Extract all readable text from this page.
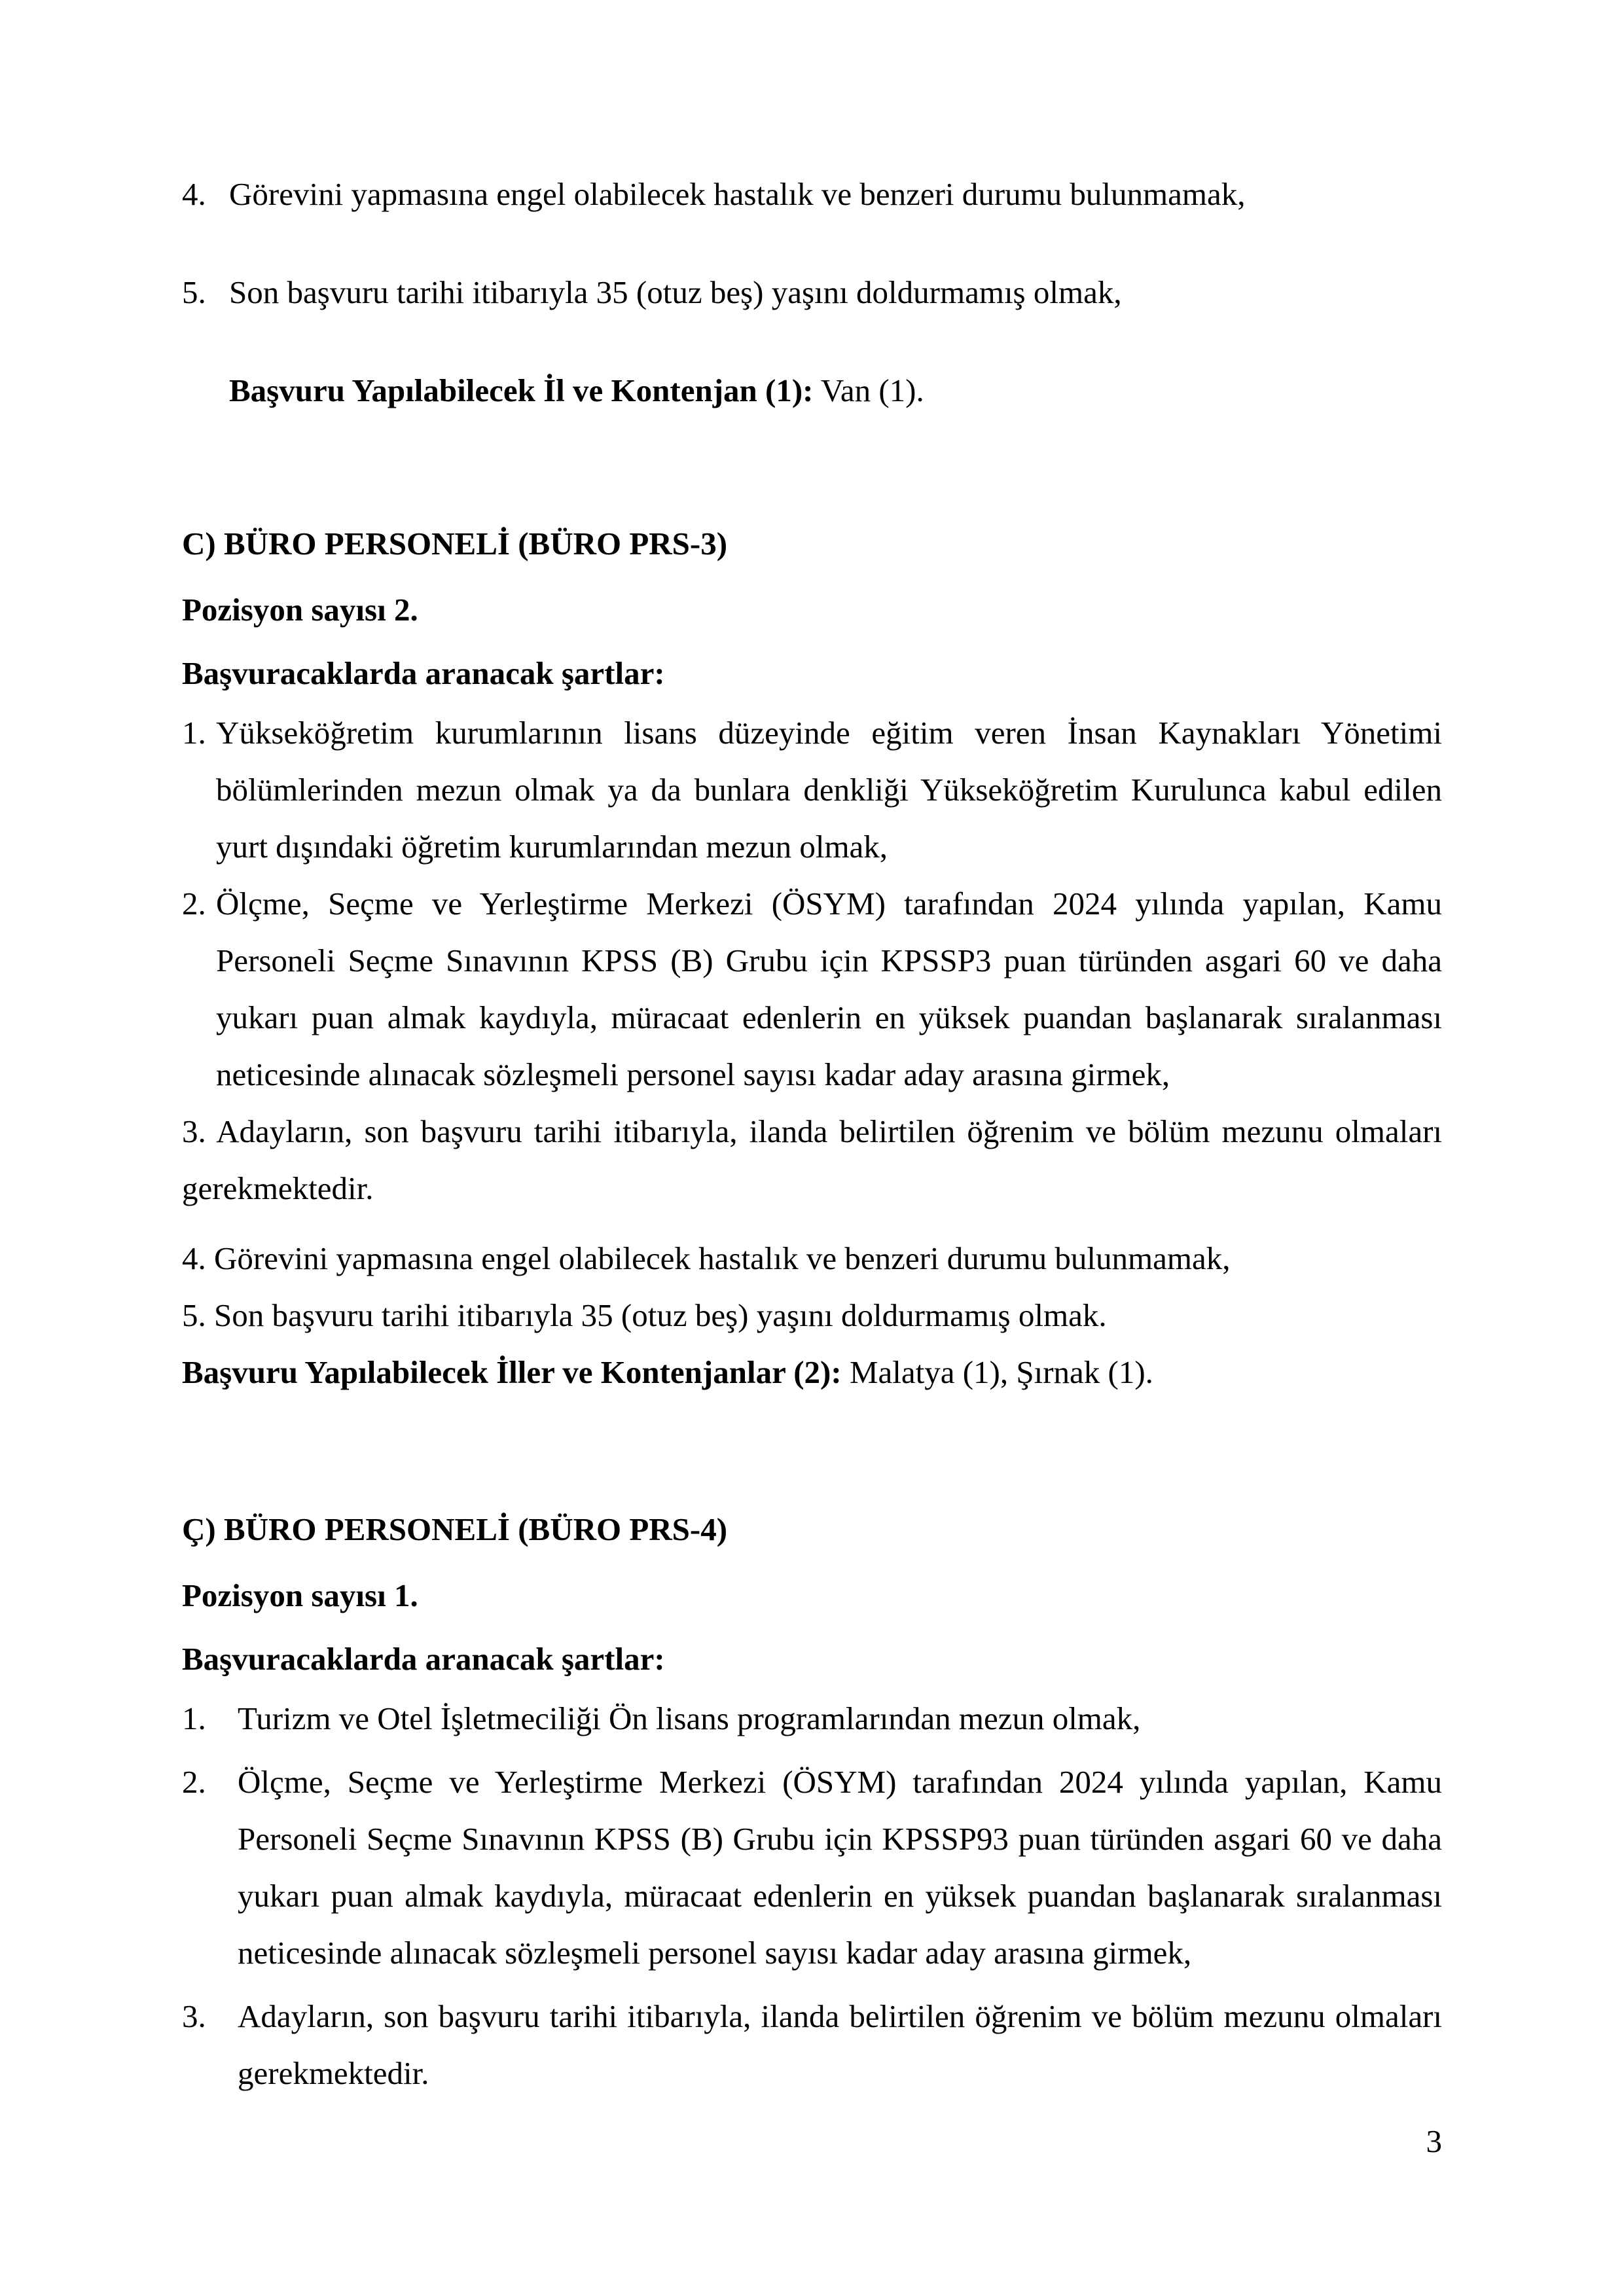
4. Görevini yapmasına engel olabilecek hastalık ve benzeri durumu bulunmamak,

5. Son başvuru tarihi itibarıyla 35 (otuz beş) yaşını doldurmamış olmak,

Başvuru Yapılabilecek İl ve Kontenjan (1): Van (1).

C) BÜRO PERSONELİ (BÜRO PRS-3)

Pozisyon sayısı 2.

Başvuracaklarda aranacak şartlar:

1. Yükseköğretim kurumlarının lisans düzeyinde eğitim veren İnsan Kaynakları Yönetimi bölümlerinden mezun olmak ya da bunlara denkliği Yükseköğretim Kurulunca kabul edilen yurt dışındaki öğretim kurumlarından mezun olmak,

2. Ölçme, Seçme ve Yerleştirme Merkezi (ÖSYM) tarafından 2024 yılında yapılan, Kamu Personeli Seçme Sınavının KPSS (B) Grubu için KPSSP3 puan türünden asgari 60 ve daha yukarı puan almak kaydıyla, müracaat edenlerin en yüksek puandan başlanarak sıralanması neticesinde alınacak sözleşmeli personel sayısı kadar aday arasına girmek,

3. Adayların, son başvuru tarihi itibarıyla, ilanda belirtilen öğrenim ve bölüm mezunu olmaları gerekmektedir.

4. Görevini yapmasına engel olabilecek hastalık ve benzeri durumu bulunmamak,

5. Son başvuru tarihi itibarıyla 35 (otuz beş) yaşını doldurmamış olmak.

Başvuru Yapılabilecek İller ve Kontenjanlar (2): Malatya (1), Şırnak (1).

Ç) BÜRO PERSONELİ (BÜRO PRS-4)

Pozisyon sayısı 1.

Başvuracaklarda aranacak şartlar:

1. Turizm ve Otel İşletmeciliği Ön lisans programlarından mezun olmak,

2. Ölçme, Seçme ve Yerleştirme Merkezi (ÖSYM) tarafından 2024 yılında yapılan, Kamu Personeli Seçme Sınavının KPSS (B) Grubu için KPSSP93 puan türünden asgari 60 ve daha yukarı puan almak kaydıyla, müracaat edenlerin en yüksek puandan başlanarak sıralanması neticesinde alınacak sözleşmeli personel sayısı kadar aday arasına girmek,

3. Adayların, son başvuru tarihi itibarıyla, ilanda belirtilen öğrenim ve bölüm mezunu olmaları gerekmektedir.

3
